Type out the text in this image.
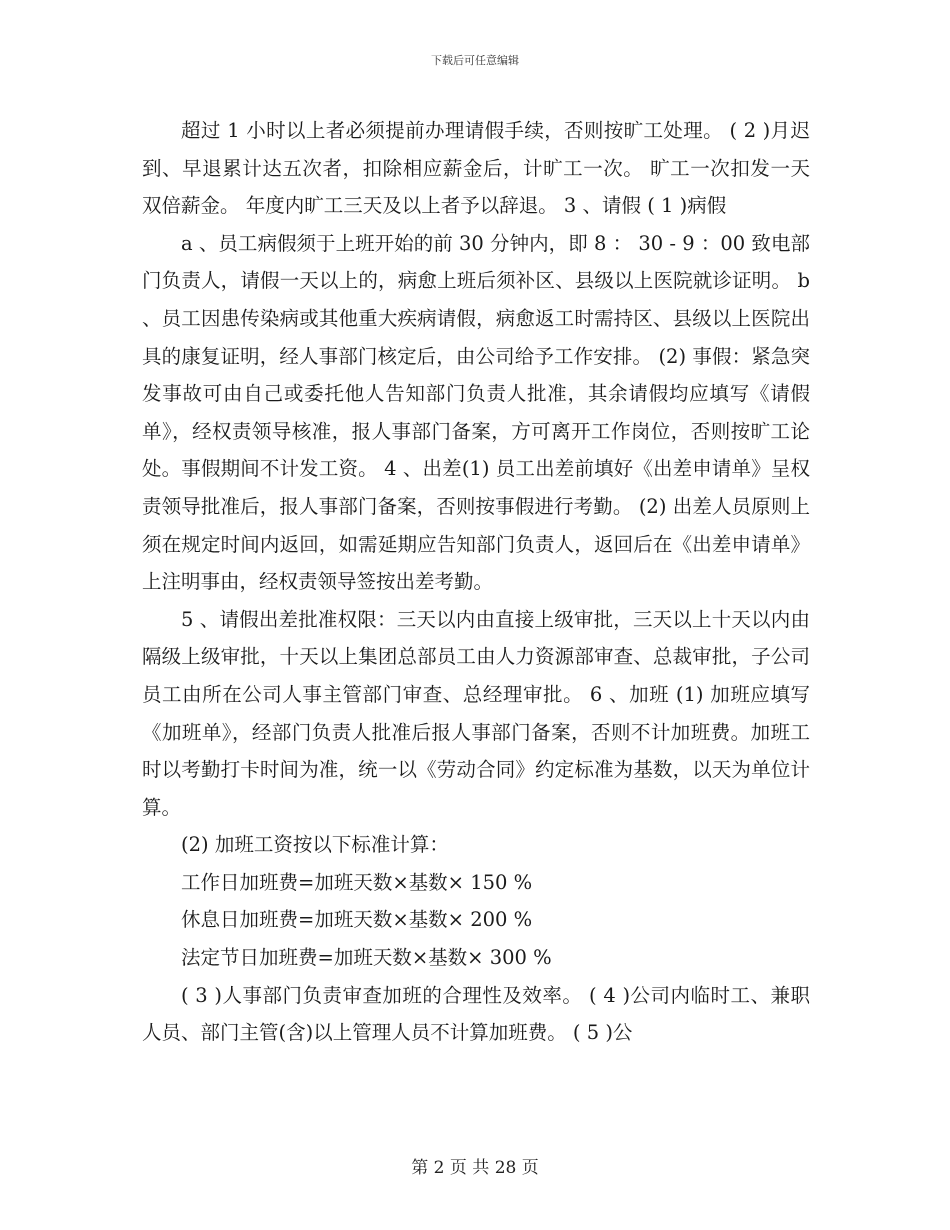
下载后可任意编辑

超过 1 小时以上者必须提前办理请假手续，否则按旷工处理。 ( 2 )月迟到、早退累计达五次者，扣除相应薪金后，计旷工一次。 旷工一次扣发一天双倍薪金。 年度内旷工三天及以上者予以辞退。 3 、请假 ( 1 )病假

a 、员工病假须于上班开始的前 30 分钟内，即 8 ： 30 - 9 ：00 致电部门负责人，请假一天以上的，病愈上班后须补区、县级以上医院就诊证明。 b 、员工因患传染病或其他重大疾病请假，病愈返工时需持区、县级以上医院出具的康复证明，经人事部门核定后，由公司给予工作安排。 (2) 事假：紧急突发事故可由自己或委托他人告知部门负责人批准，其余请假均应填写《请假单》，经权责领导核准，报人事部门备案，方可离开工作岗位，否则按旷工论处。事假期间不计发工资。 4 、出差(1) 员工出差前填好《出差申请单》呈权责领导批准后，报人事部门备案，否则按事假进行考勤。 (2) 出差人员原则上须在规定时间内返回，如需延期应告知部门负责人，返回后在《出差申请单》上注明事由，经权责领导签按出差考勤。

5 、请假出差批准权限：三天以内由直接上级审批，三天以上十天以内由隔级上级审批，十天以上集团总部员工由人力资源部审查、总裁审批，子公司员工由所在公司人事主管部门审查、总经理审批。 6 、加班 (1) 加班应填写《加班单》，经部门负责人批准后报人事部门备案，否则不计加班费。加班工时以考勤打卡时间为准，统一以《劳动合同》约定标准为基数，以天为单位计算。

(2) 加班工资按以下标准计算：

工作日加班费=加班天数×基数× 150 %

休息日加班费=加班天数×基数× 200 %

法定节日加班费=加班天数×基数× 300 %

( 3 )人事部门负责审查加班的合理性及效率。 ( 4 )公司内临时工、兼职人员、部门主管(含)以上管理人员不计算加班费。 ( 5 )公

第 2 页 共 28 页
